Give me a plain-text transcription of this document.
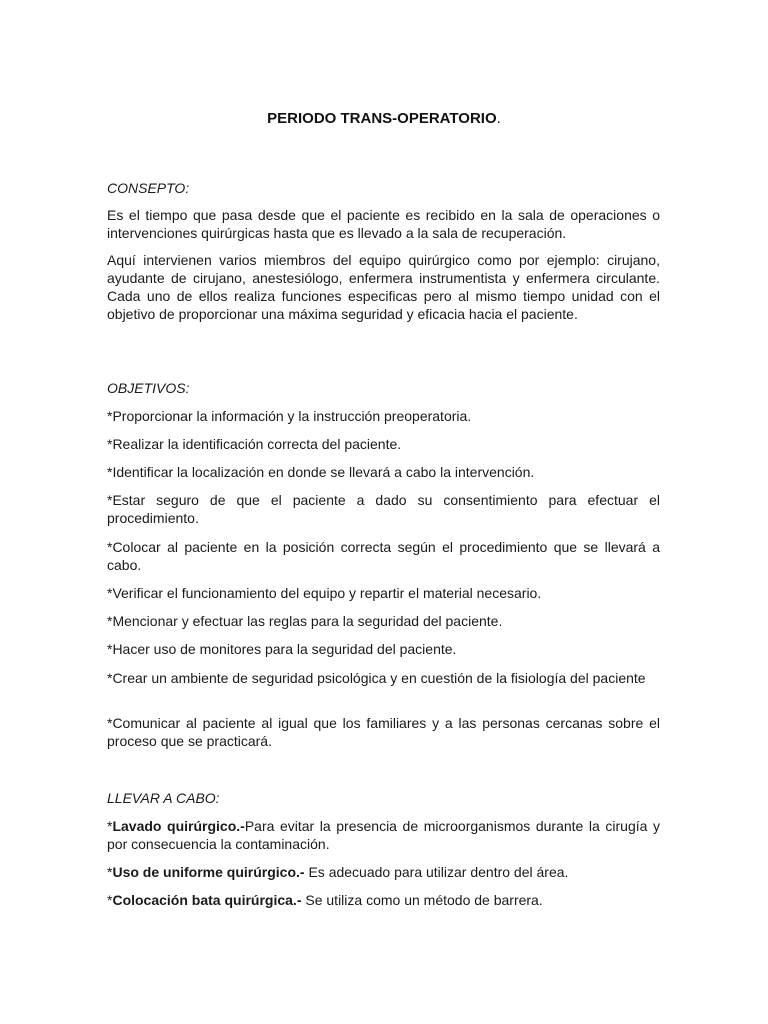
PERIODO TRANS-OPERATORIO.
CONSEPTO:
Es el tiempo que pasa desde que el paciente es recibido en la sala de operaciones o intervenciones quirúrgicas hasta que es llevado a la sala de recuperación.
Aquí intervienen varios miembros del equipo quirúrgico como por ejemplo: cirujano, ayudante de cirujano, anestesiólogo, enfermera instrumentista y enfermera circulante. Cada uno de ellos realiza funciones especificas pero al mismo tiempo unidad con el objetivo de proporcionar una máxima seguridad y eficacia hacia el paciente.
OBJETIVOS:
*Proporcionar la información y la instrucción preoperatoria.
*Realizar la identificación correcta del paciente.
*Identificar la localización en donde se llevará a cabo la intervención.
*Estar seguro de que el paciente a dado su consentimiento para efectuar el procedimiento.
*Colocar al paciente en la posición correcta según el procedimiento que se llevará a cabo.
*Verificar el funcionamiento del equipo y repartir el material necesario.
*Mencionar y efectuar las reglas para la seguridad del paciente.
*Hacer uso de monitores para la seguridad del paciente.
*Crear un ambiente de seguridad psicológica y en cuestión de la fisiología del paciente
*Comunicar al paciente al igual que los familiares y a las personas cercanas sobre el proceso que se practicará.
LLEVAR A CABO:
*Lavado quirúrgico.-Para evitar la presencia de microorganismos durante la cirugía y por consecuencia la contaminación.
*Uso de uniforme quirúrgico.- Es adecuado para utilizar dentro del área.
*Colocación bata quirúrgica.- Se utiliza como un método de barrera.
